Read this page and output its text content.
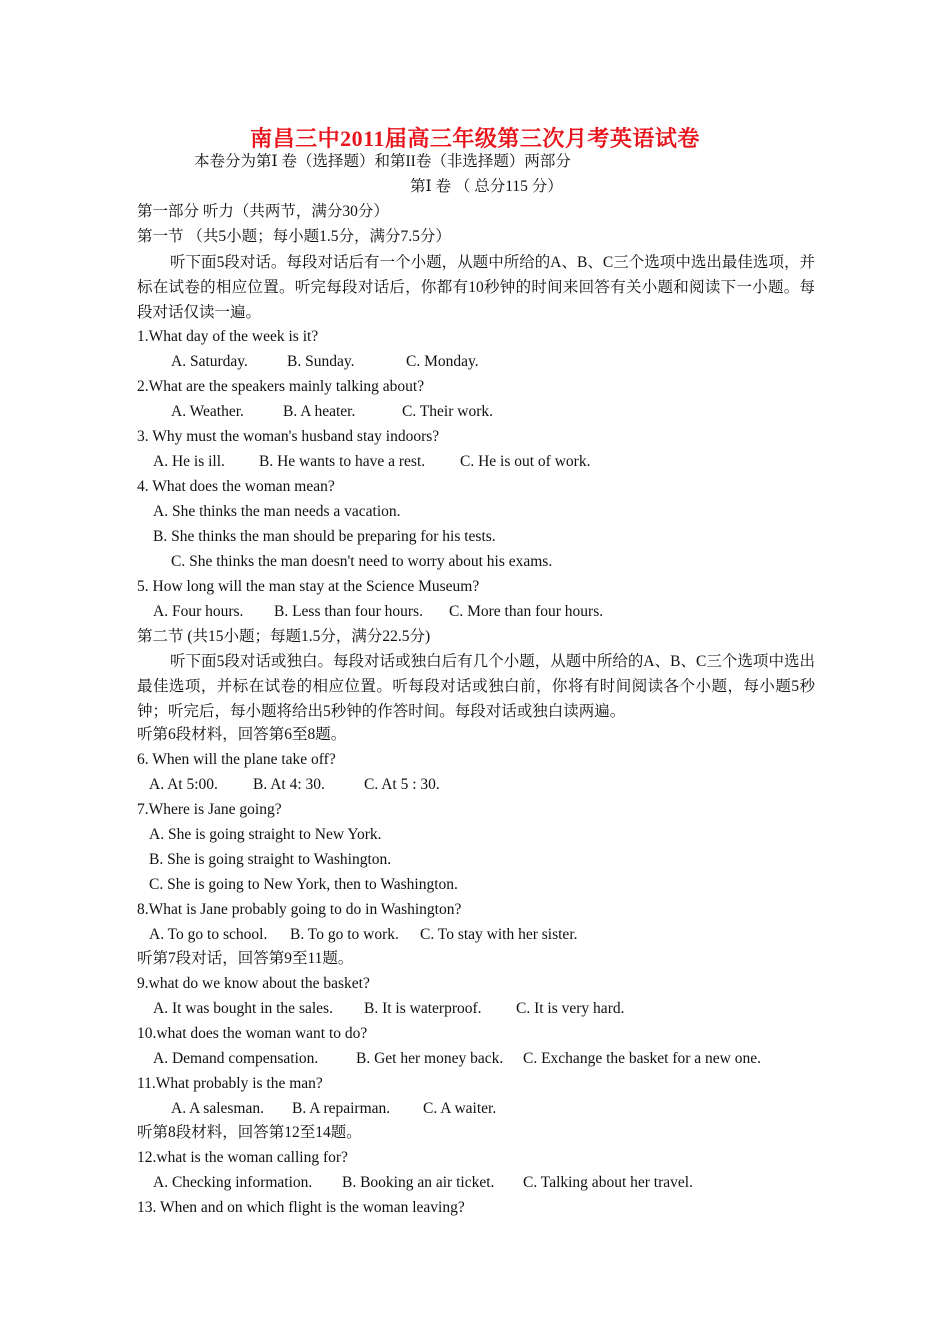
南昌三中2011届高三年级第三次月考英语试卷
本卷分为第Ⅰ 卷（选择题）和第II卷（非选择题）两部分
第Ⅰ 卷 （ 总分115 分）
第一部分 听力（共两节，满分30分）
第一节 （共5小题；每小题1.5分，满分7.5分）
听下面5段对话。每段对话后有一个小题，从题中所给的A、B、C三个选项中选出最佳选项，并标在试卷的相应位置。听完每段对话后，你都有10秒钟的时间来回答有关小题和阅读下一小题。每段对话仅读一遍。
1.What day of the week is it?
A. Saturday.	B. Sunday.	C. Monday.
2.What are the speakers mainly talking about?
A. Weather.	B. A heater.	C. Their work.
3. Why must the woman's husband stay indoors?
A. He is ill. B. He wants to have a rest. C. He is out of work.
4. What does the woman mean?
A. She thinks the man needs a vacation.
B. She thinks the man should be preparing for his tests.
C. She thinks the man doesn't need to worry about his exams.
5. How long will the man stay at the Science Museum?
A. Four hours. B. Less than four hours. C. More than four hours.
第二节 (共15小题；每题1.5分，满分22.5分)
听下面5段对话或独白。每段对话或独白后有几个小题，从题中所给的A、B、C三个选项中选出最佳选项，并标在试卷的相应位置。听每段对话或独白前，你将有时间阅读各个小题，每小题5秒钟；听完后，每小题将给出5秒钟的作答时间。每段对话或独白读两遍。
听第6段材料，回答第6至8题。
6. When will the plane take off?
A. At 5:00. B. At 4: 30.	C. At 5 : 30.
7.Where is Jane going?
A. She is going straight to New York.
B. She is going straight to Washington.
C. She is going to New York, then to Washington.
8.What is Jane probably going to do in Washington?
A. To go to school. B. To go to work. C. To stay with her sister.
听第7段对话，回答第9至11题。
9.what do we know about the basket?
A. It was bought in the sales. B. It is waterproof. C. It is very hard.
10.what does the woman want to do?
A. Demand compensation. B. Get her money back. C. Exchange the basket for a new one.
11.What probably is the man?
A. A salesman. B. A repairman. C. A waiter.
听第8段材料，回答第12至14题。
12.what is the woman calling for?
A. Checking information. B. Booking an air ticket. C. Talking about her travel.
13. When and on which flight is the woman leaving?
